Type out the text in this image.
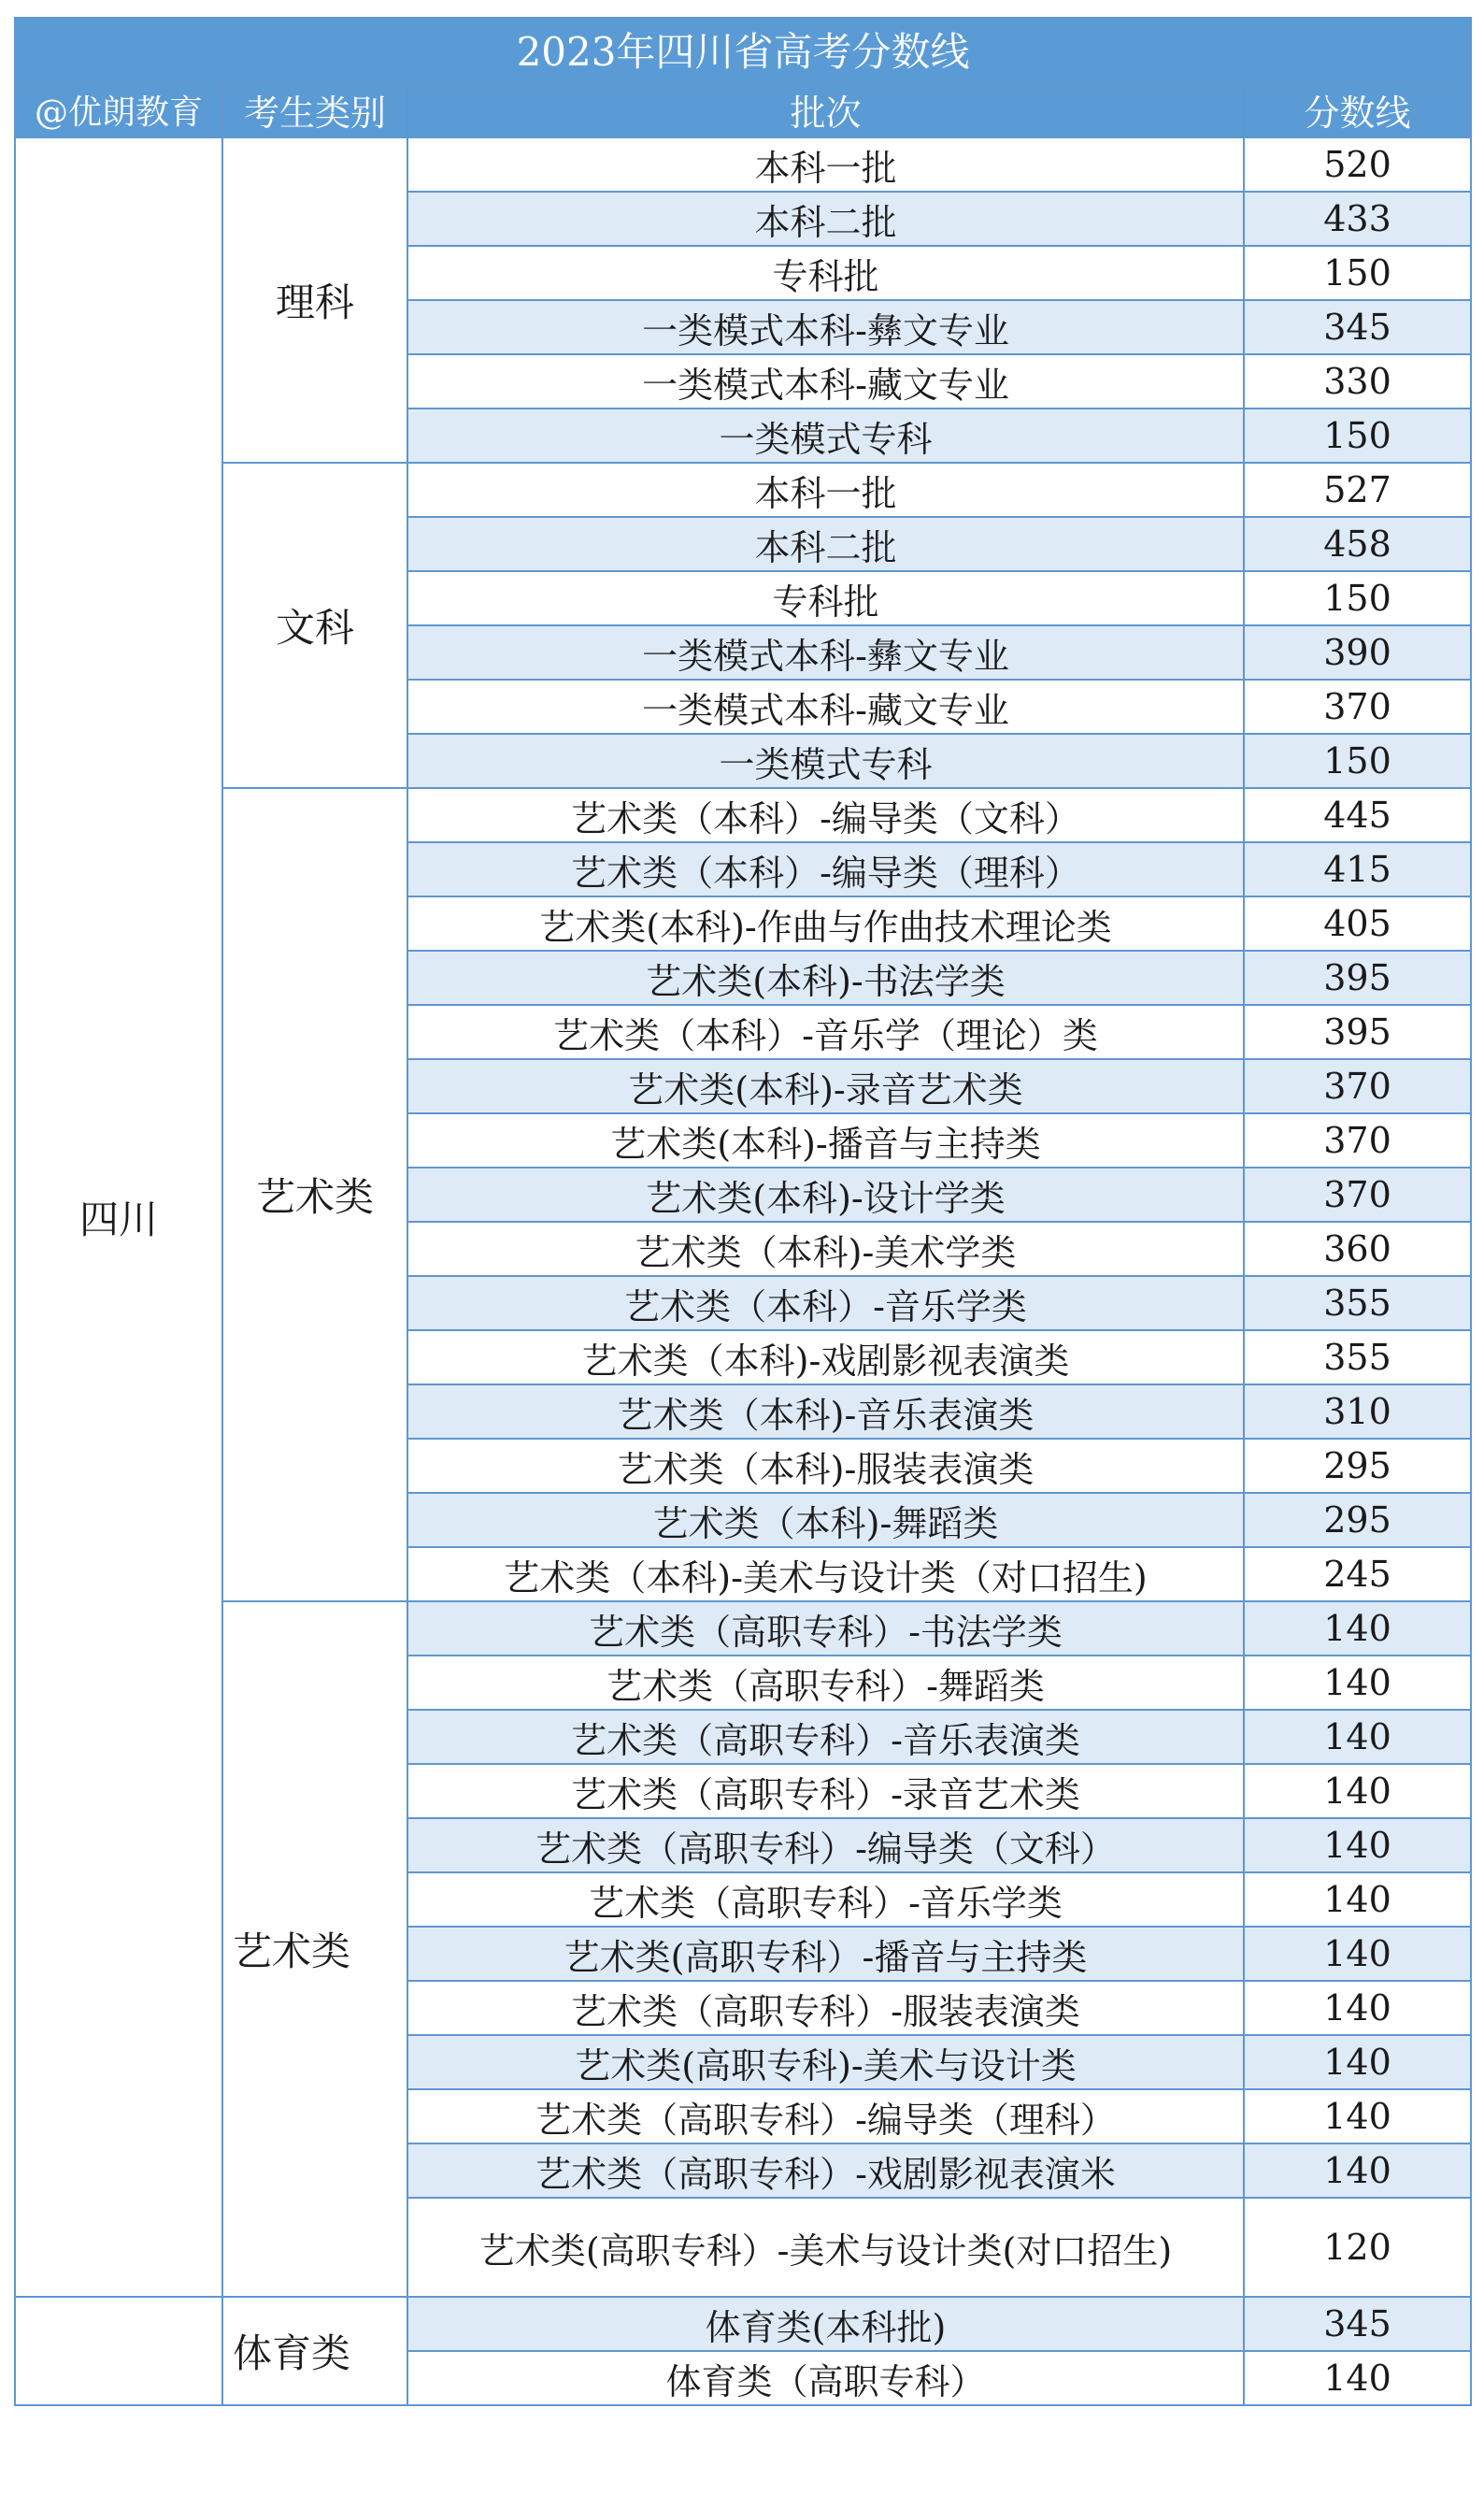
2023年四川省高考分数线			
@优朗教育	考生类别	批次	分数线
四川	理科	本科一批	520
		本科二批	433
		专科批	150
		一类模式本科-彝文专业	345
		一类模式本科-藏文专业	330
		一类模式专科	150
	文科	本科一批	527
		本科二批	458
		专科批	150
		一类模式本科-彝文专业	390
		一类模式本科-藏文专业	370
		一类模式专科	150
	艺术类	艺术类（本科）-编导类（文科）	445
		艺术类（本科）-编导类（理科）	415
		艺术类(本科)-作曲与作曲技术理论类	405
		艺术类(本科)-书法学类	395
		艺术类（本科）-音乐学（理论）类	395
		艺术类(本科)-录音艺术类	370
		艺术类(本科)-播音与主持类	370
		艺术类(本科)-设计学类	370
		艺术类（本科)-美术学类	360
		艺术类（本科）-音乐学类	355
		艺术类（本科)-戏剧影视表演类	355
		艺术类（本科)-音乐表演类	310
		艺术类（本科)-服装表演类	295
		艺术类（本科)-舞蹈类	295
		艺术类（本科)-美术与设计类（对口招生)	245
	艺术类	艺术类（高职专科）-书法学类	140
		艺术类（高职专科）-舞蹈类	140
		艺术类（高职专科）-音乐表演类	140
		艺术类（高职专科）-录音艺术类	140
		艺术类（高职专科）-编导类（文科）	140
		艺术类（高职专科）-音乐学类	140
		艺术类(高职专科）-播音与主持类	140
		艺术类（高职专科）-服装表演类	140
		艺术类(高职专科)-美术与设计类	140
		艺术类（高职专科）-编导类（理科）	140
		艺术类（高职专科）-戏剧影视表演米	140
		艺术类(高职专科）-美术与设计类(对口招生)	120
	体育类	体育类(本科批)	345
		体育类（高职专科）	140
